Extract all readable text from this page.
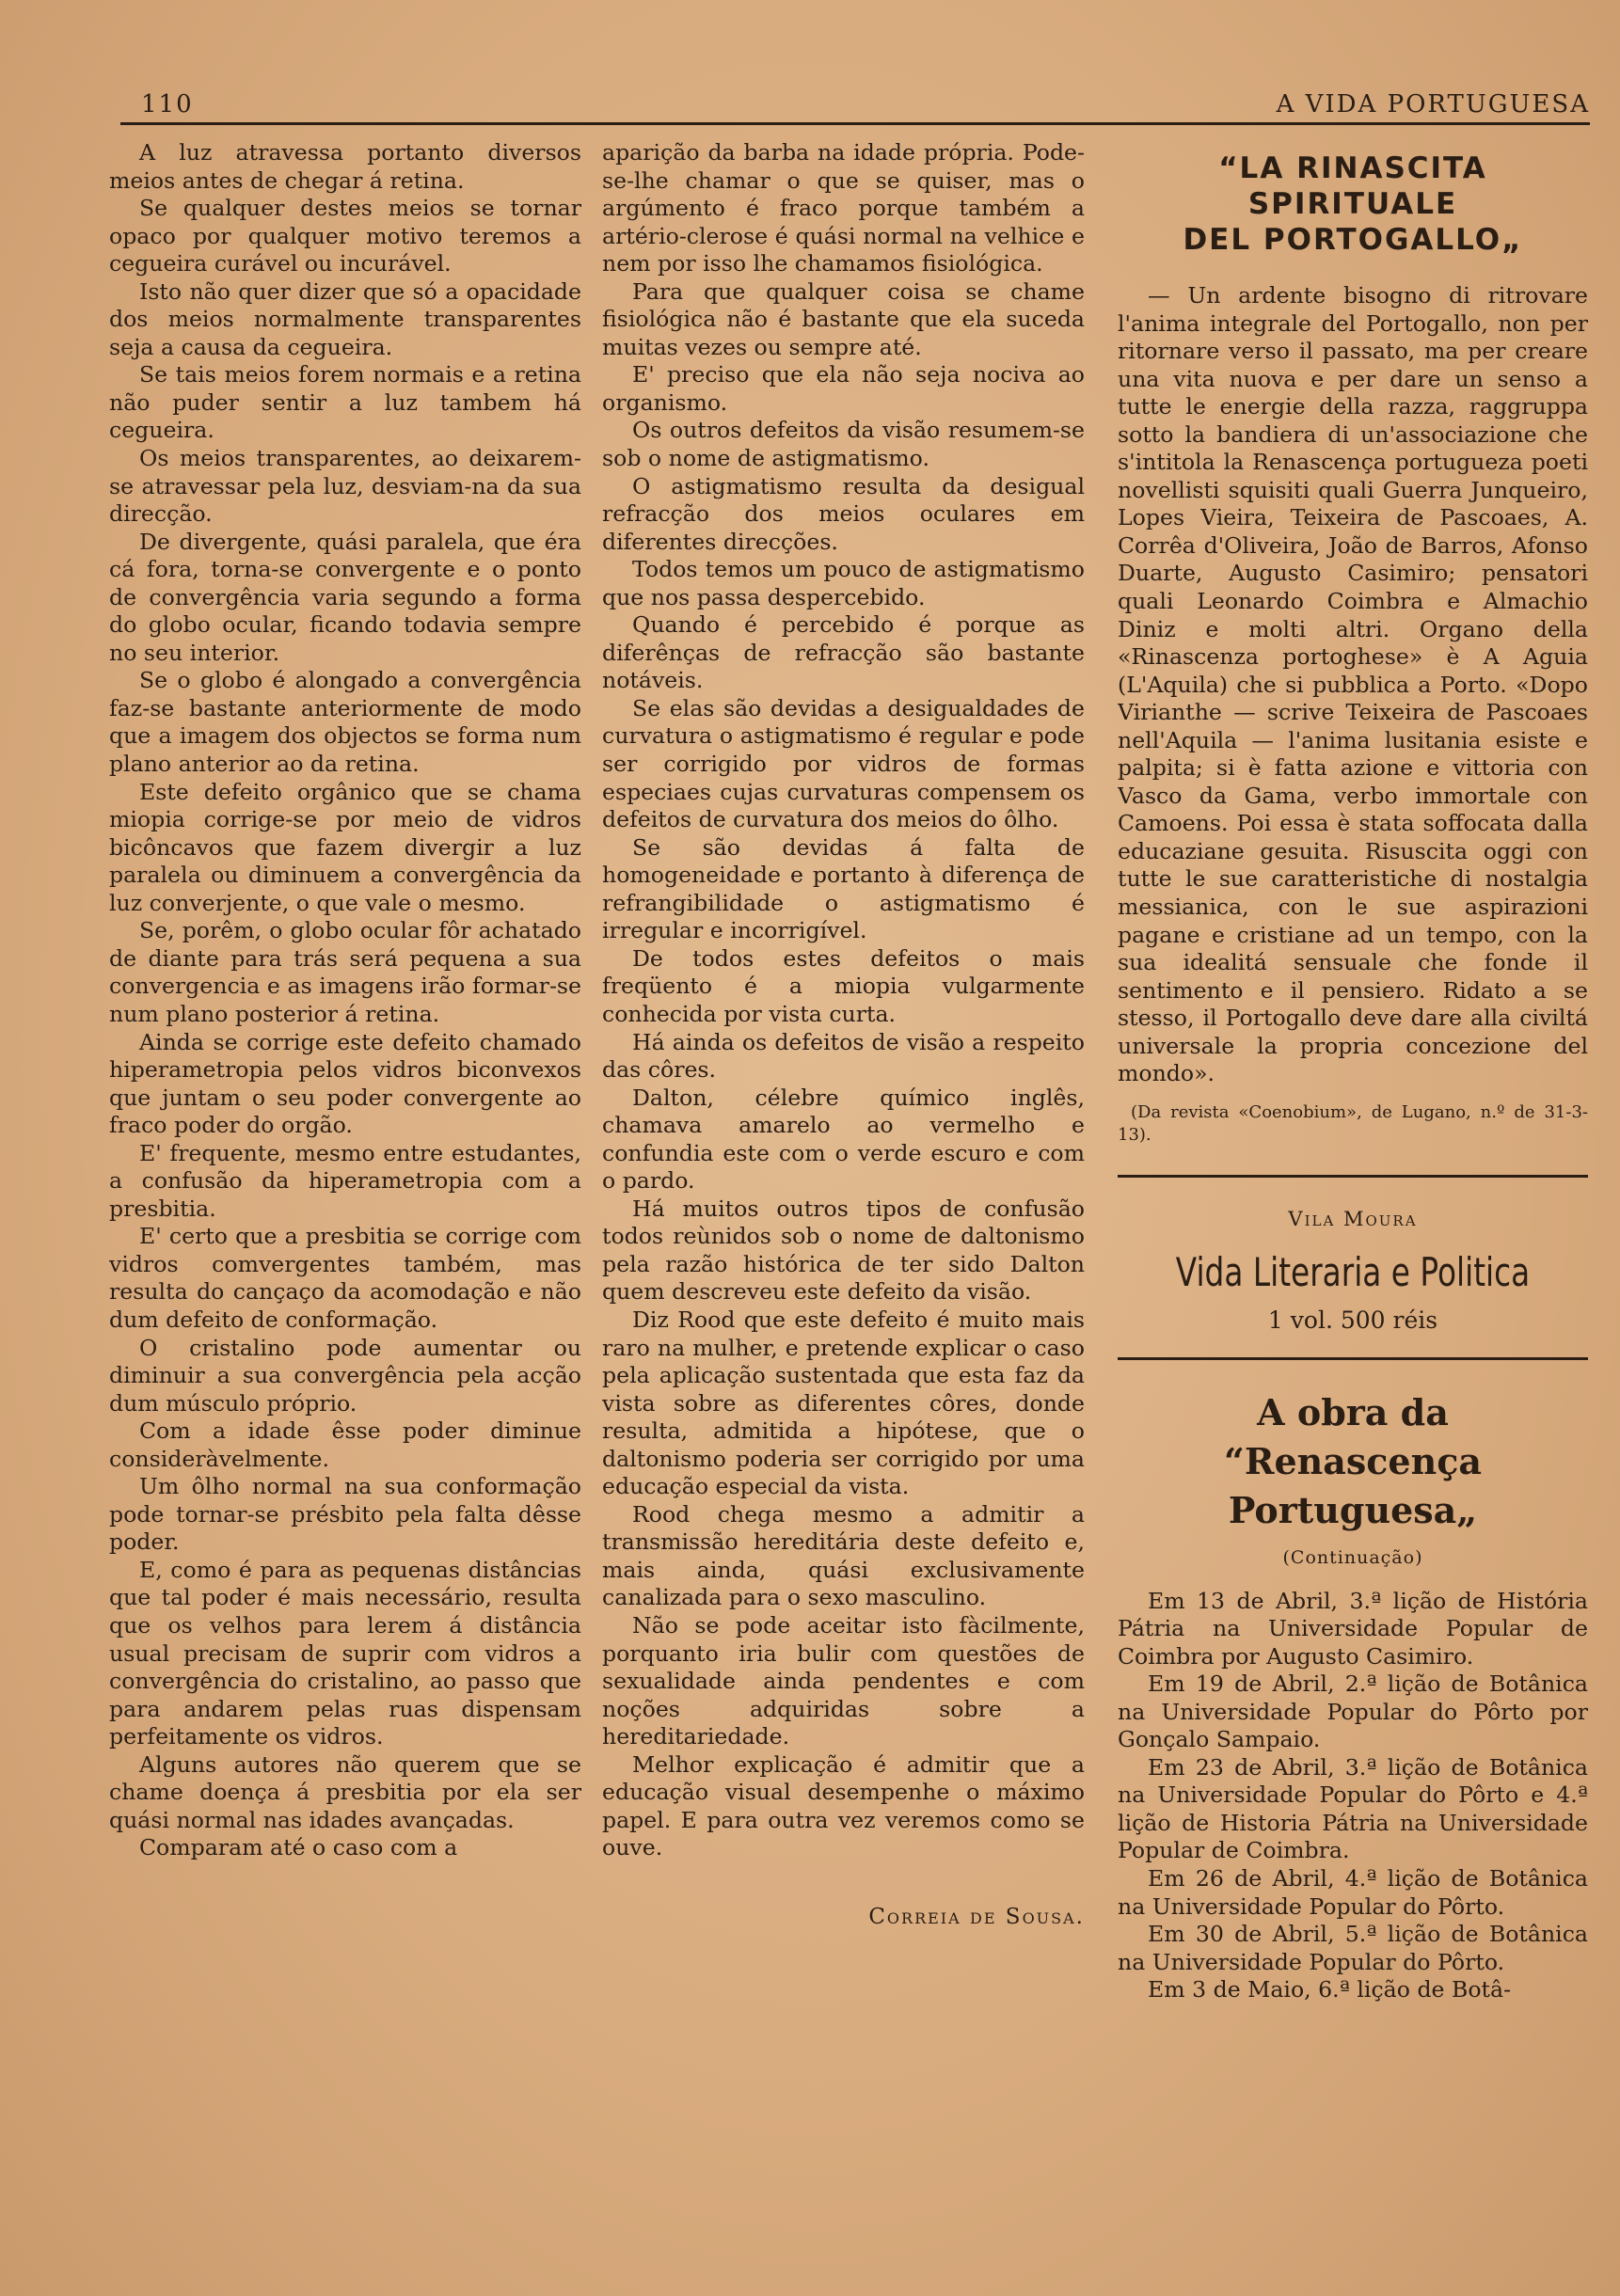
110	A VIDA PORTUGUESA

A luz atravessa portanto diversos meios antes de chegar á retina.

Se qualquer destes meios se tornar opaco por qualquer motivo teremos a cegueira curável ou incurável.

Isto não quer dizer que só a opacidade dos meios normalmente transparentes seja a causa da cegueira.

Se tais meios forem normais e a retina não puder sentir a luz tambem há cegueira.

Os meios transparentes, ao deixarem-se atravessar pela luz, desviam-na da sua direcção.

De divergente, quási paralela, que éra cá fora, torna-se convergente e o ponto de convergência varia segundo a forma do globo ocular, ficando todavia sempre no seu interior.

Se o globo é alongado a convergência faz-se bastante anteriormente de modo que a imagem dos objectos se forma num plano anterior ao da retina.

Este defeito orgânico que se chama miopia corrige-se por meio de vidros bicôncavos que fazem divergir a luz paralela ou diminuem a convergência da luz converjente, o que vale o mesmo.

Se, porêm, o globo ocular fôr achatado de diante para trás será pequena a sua convergencia e as imagens irão formar-se num plano posterior á retina.

Ainda se corrige este defeito chamado hiperametropia pelos vidros biconvexos que juntam o seu poder convergente ao fraco poder do orgão.

E' frequente, mesmo entre estudantes, a confusão da hiperametropia com a presbitia.

E' certo que a presbitia se corrige com vidros comvergentes também, mas resulta do cançaço da acomodação e não dum defeito de conformação.

O cristalino pode aumentar ou diminuir a sua convergência pela acção dum músculo próprio.

Com a idade êsse poder diminue consideràvelmente.

Um ôlho normal na sua conformação pode tornar-se présbito pela falta dêsse poder.

E, como é para as pequenas distâncias que tal poder é mais necessário, resulta que os velhos para lerem á distância usual precisam de suprir com vidros a convergência do cristalino, ao passo que para andarem pelas ruas dispensam perfeitamente os vidros.

Alguns autores não querem que se chame doença á presbitia por ela ser quási normal nas idades avançadas.

Comparam até o caso com a

aparição da barba na idade própria. Pode-se-lhe chamar o que se quiser, mas o argúmento é fraco porque também a artério-clerose é quási normal na velhice e nem por isso lhe chamamos fisiológica.

Para que qualquer coisa se chame fisiológica não é bastante que ela suceda muitas vezes ou sempre até.

E' preciso que ela não seja nociva ao organismo.

Os outros defeitos da visão resumem-se sob o nome de astigmatismo.

O astigmatismo resulta da desigual refracção dos meios oculares em diferentes direcções.

Todos temos um pouco de astigmatismo que nos passa despercebido.

Quando é percebido é porque as diferênças de refracção são bastante notáveis.

Se elas são devidas a desigualdades de curvatura o astigmatismo é regular e pode ser corrigido por vidros de formas especiaes cujas curvaturas compensem os defeitos de curvatura dos meios do ôlho.

Se são devidas á falta de homogeneidade e portanto à diferença de refrangibilidade o astigmatismo é irregular e incorrigível.

De todos estes defeitos o mais freqüento é a miopia vulgarmente conhecida por vista curta.

Há ainda os defeitos de visão a respeito das côres.

Dalton, célebre químico inglês, chamava amarelo ao vermelho e confundia este com o verde escuro e com o pardo.

Há muitos outros tipos de confusão todos reùnidos sob o nome de daltonismo pela razão histórica de ter sido Dalton quem descreveu este defeito da visão.

Diz Rood que este defeito é muito mais raro na mulher, e pretende explicar o caso pela aplicação sustentada que esta faz da vista sobre as diferentes côres, donde resulta, admitida a hipótese, que o daltonismo poderia ser corrigido por uma educação especial da vista.

Rood chega mesmo a admitir a transmissão hereditária deste defeito e, mais ainda, quási exclusivamente canalizada para o sexo masculino.

Não se pode aceitar isto fàcilmente, porquanto iria bulir com questões de sexualidade ainda pendentes e com noções adquiridas sobre a hereditariedade.

Melhor explicação é admitir que a educação visual desempenhe o máximo papel. E para outra vez veremos como se ouve.

Correia de Sousa.
“LA RINASCITA SPIRITUALE
DEL PORTOGALLO„

— Un ardente bisogno di ritrovare l'anima integrale del Portogallo, non per ritornare verso il passato, ma per creare una vita nuova e per dare un senso a tutte le energie della razza, raggruppa sotto la bandiera di un'associazione che s'intitola la Renascença portugueza poeti novellisti squisiti quali Guerra Junqueiro, Lopes Vieira, Teixeira de Pascoaes, A. Corrêa d'Oliveira, João de Barros, Afonso Duarte, Augusto Casimiro; pensatori quali Leonardo Coimbra e Almachio Diniz e molti altri. Organo della «Rinascenza portoghese» è A Aguia (L'Aquila) che si pubblica a Porto. «Dopo Virianthe — scrive Teixeira de Pascoaes nell'Aquila — l'anima lusitania esiste e palpita; si è fatta azione e vittoria con Vasco da Gama, verbo immortale con Camoens. Poi essa è stata soffocata dalla educaziane gesuita. Risuscita oggi con tutte le sue caratteristiche di nostalgia messianica, con le sue aspirazioni pagane e cristiane ad un tempo, con la sua idealitá sensuale che fonde il sentimento e il pensiero. Ridato a se stesso, il Portogallo deve dare alla civiltá universale la propria concezione del mondo».

(Da revista «Coenobium», de Lugano, n.º de 31-3-13).

Vila Moura
Vida Literaria e Politica
1 vol. 500 réis
A obra da
“Renascença Portuguesa„
(Continuação)

Em 13 de Abril, 3.ª lição de História Pátria na Universidade Popular de Coimbra por Augusto Casimiro.

Em 19 de Abril, 2.ª lição de Botânica na Universidade Popular do Pôrto por Gonçalo Sampaio.

Em 23 de Abril, 3.ª lição de Botânica na Universidade Popular do Pôrto e 4.ª lição de Historia Pátria na Universidade Popular de Coimbra.

Em 26 de Abril, 4.ª lição de Botânica na Universidade Popular do Pôrto.

Em 30 de Abril, 5.ª lição de Botânica na Universidade Popular do Pôrto.

Em 3 de Maio, 6.ª lição de Botâ-
